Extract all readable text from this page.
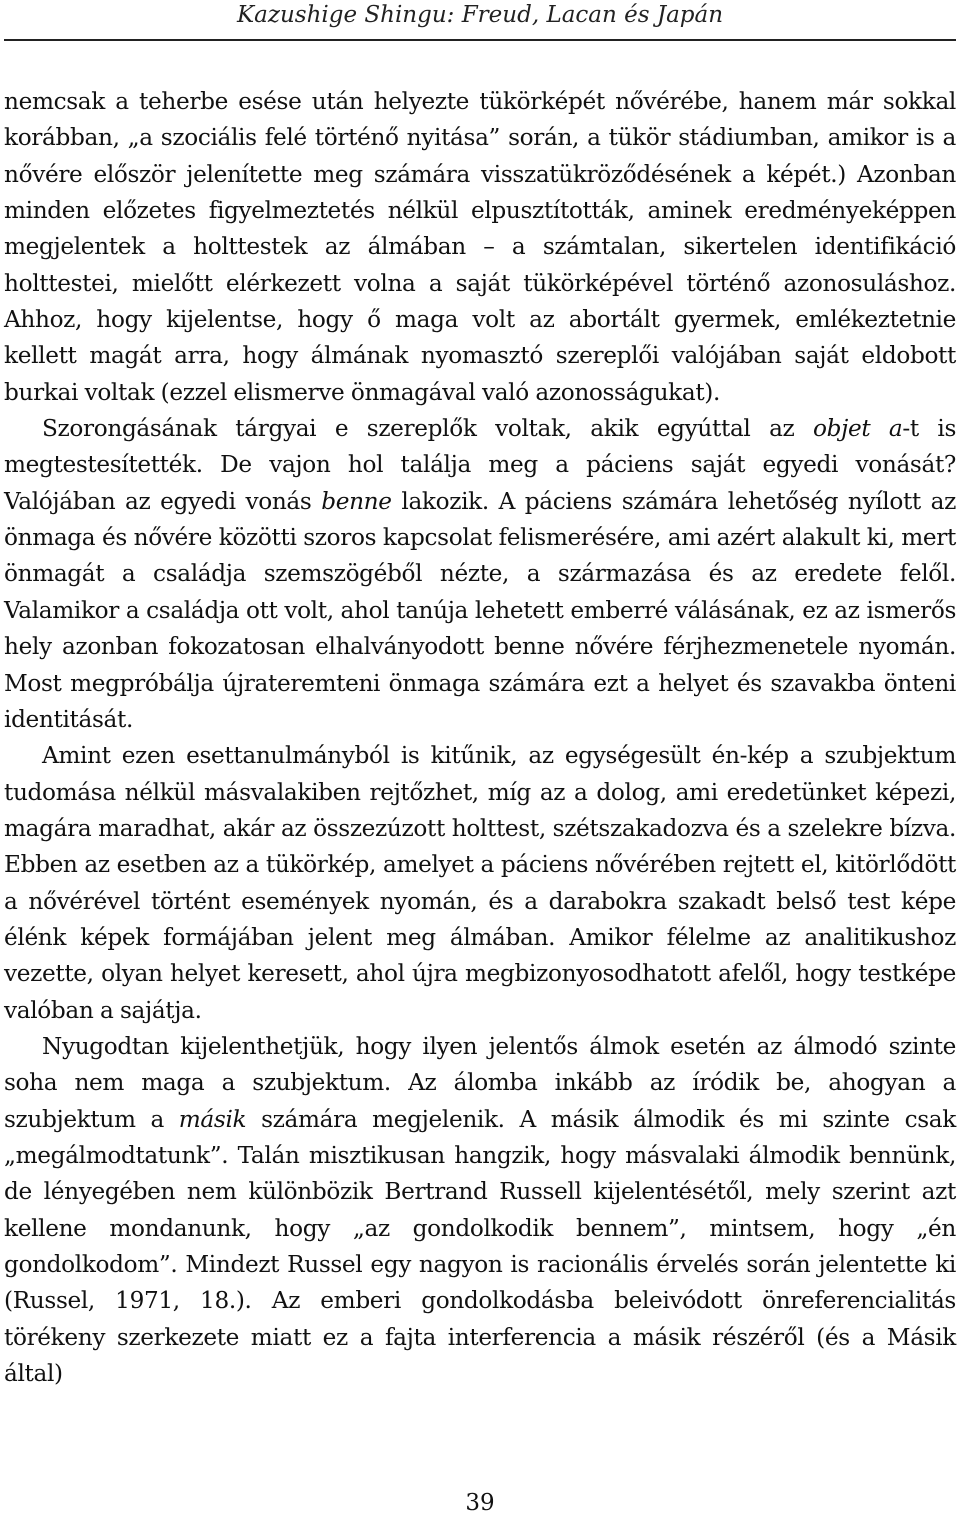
Kazushige Shingu: Freud, Lacan és Japán

nemcsak a teherbe esése után helyezte tükörképét nővérébe, hanem már sokkal korábban, „a szociális felé történő nyitása” során, a tükör stádiumban, amikor is a nővére először jelenítette meg számára visszatükröződésének a képét.) Azonban minden előzetes figyelmeztetés nélkül elpusztították, aminek eredményeképpen megjelentek a holttestek az álmában – a számtalan, sikertelen identifikáció holttestei, mielőtt elérkezett volna a saját tükörképével történő azonosuláshoz. Ahhoz, hogy kijelentse, hogy ő maga volt az abortált gyermek, emlékeztetnie kellett magát arra, hogy álmának nyomasztó szereplői valójában saját eldobott burkai voltak (ezzel elismerve önmagával való azonosságukat).

Szorongásának tárgyai e szereplők voltak, akik egyúttal az objet a-t is megtestesítették. De vajon hol találja meg a páciens saját egyedi vonását? Valójában az egyedi vonás benne lakozik. A páciens számára lehetőség nyílott az önmaga és nővére közötti szoros kapcsolat felismerésére, ami azért alakult ki, mert önmagát a családja szemszögéből nézte, a származása és az eredete felől. Valamikor a családja ott volt, ahol tanúja lehetett emberré válásának, ez az ismerős hely azonban fokozatosan elhalványodott benne nővére férjhezmenetele nyomán. Most megpróbálja újrateremteni önmaga számára ezt a helyet és szavakba önteni identitását.

Amint ezen esettanulmányból is kitűnik, az egységesült én-kép a szubjektum tudomása nélkül másvalakiben rejtőzhet, míg az a dolog, ami eredetünket képezi, magára maradhat, akár az összezúzott holttest, szétszakadozva és a szelekre bízva. Ebben az esetben az a tükörkép, amelyet a páciens nővérében rejtett el, kitörlődött a nővérével történt események nyomán, és a darabokra szakadt belső test képe élénk képek formájában jelent meg álmában. Amikor félelme az analitikushoz vezette, olyan helyet keresett, ahol újra megbizonyosodhatott afelől, hogy testképe valóban a sajátja.

Nyugodtan kijelenthetjük, hogy ilyen jelentős álmok esetén az álmodó szinte soha nem maga a szubjektum. Az álomba inkább az íródik be, ahogyan a szubjektum a másik számára megjelenik. A másik álmodik és mi szinte csak „megálmodtatunk”. Talán misztikusan hangzik, hogy másvalaki álmodik bennünk, de lényegében nem különbözik Bertrand Russell kijelentésétől, mely szerint azt kellene mondanunk, hogy „az gondolkodik bennem”, mintsem, hogy „én gondolkodom”. Mindezt Russel egy nagyon is racionális érvelés során jelentette ki (Russel, 1971, 18.). Az emberi gondolkodásba beleivódott önreferencialitás törékeny szerkezete miatt ez a fajta interferencia a másik részéről (és a Másik által)

39
